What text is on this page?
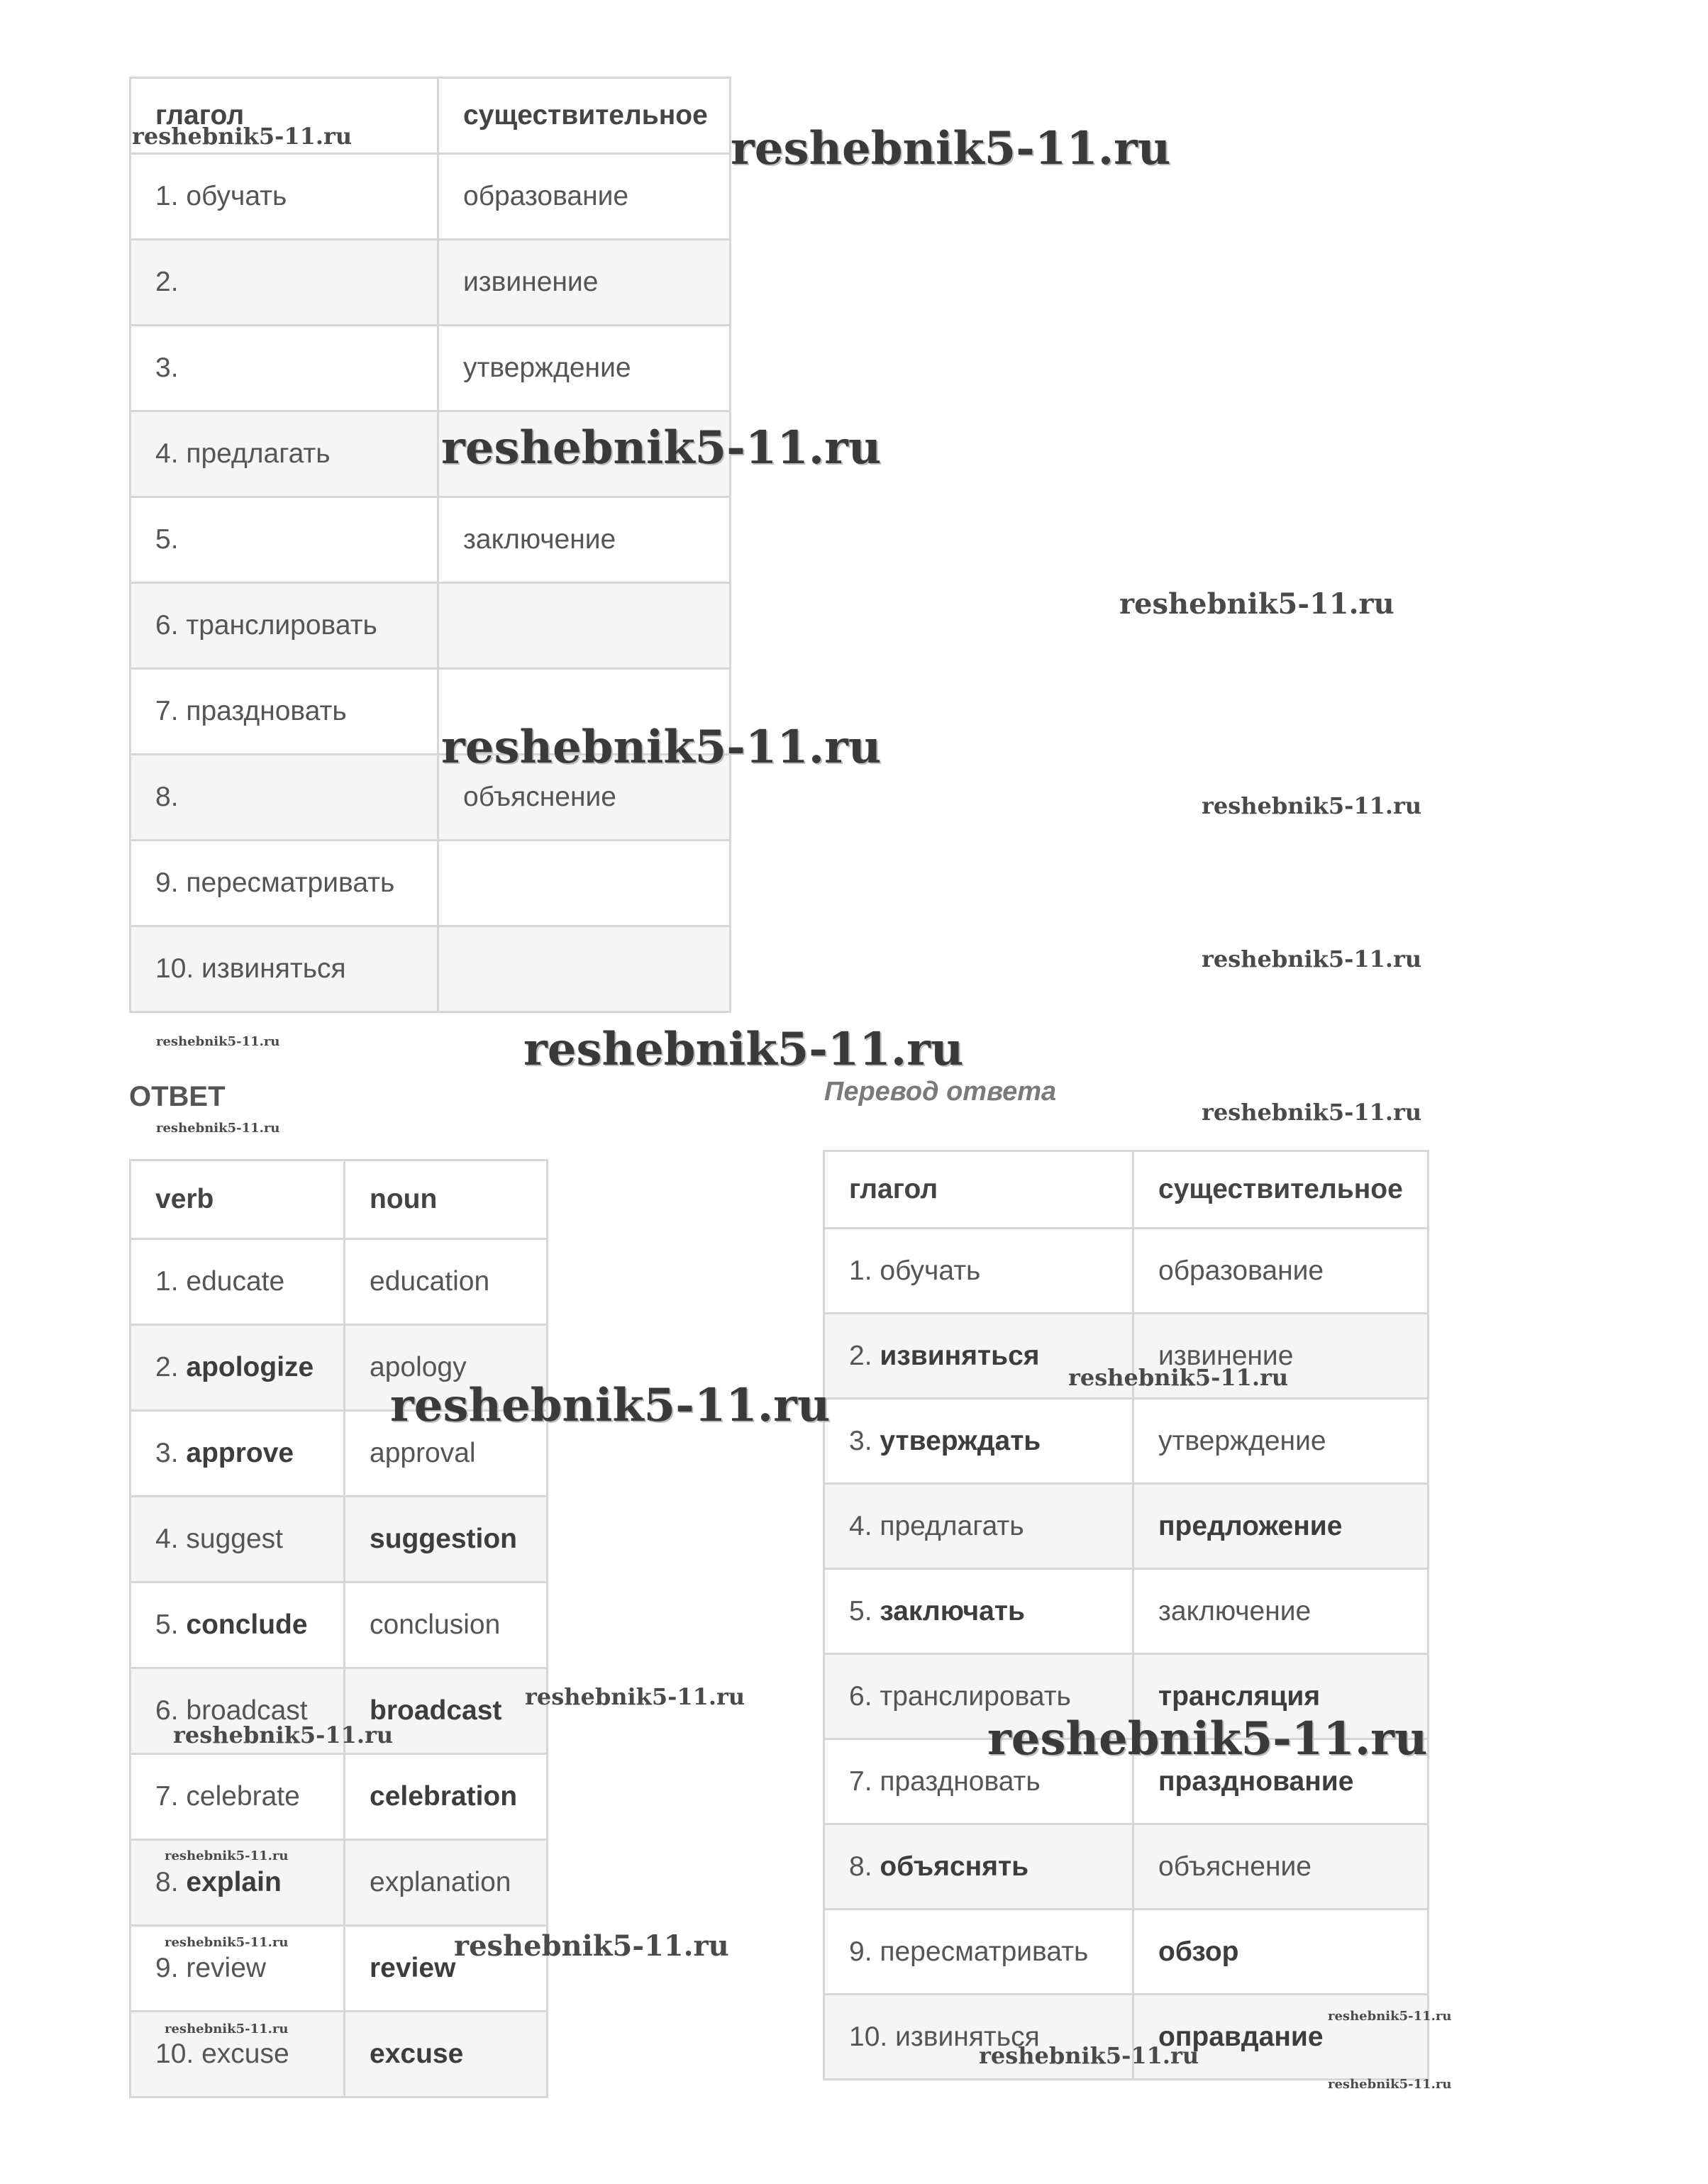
глагол	существительное
1. обучать	образование
2.	извинение
3.	утверждение
4. предлагать	
5.	заключение
6. транслировать	
7. праздновать	
8.	объяснение
9. пересматривать	
10. извиняться	
ОТВЕТ	Перевод ответа
verb	noun
1. educate	education
2. apologize	apology
3. approve	approval
4. suggest	suggestion
5. conclude	conclusion
6. broadcast	broadcast
7. celebrate	celebration
8. explain	explanation
9. review	review
10. excuse	excuse
глагол	существительное
1. обучать	образование
2. извиняться	извинение
3. утверждать	утверждение
4. предлагать	предложение
5. заключать	заключение
6. транслировать	трансляция
7. праздновать	празднование
8. объяснять	объяснение
9. пересматривать	обзор
10. извиняться	оправдание
reshebnik5-11.ru	reshebnik5-11.ru
reshebnik5-11.ru
reshebnik5-11.ru
reshebnik5-11.ru
reshebnik5-11.ru
reshebnik5-11.ru
reshebnik5-11.ru	reshebnik5-11.ru
reshebnik5-11.ru
reshebnik5-11.ru
reshebnik5-11.ru
reshebnik5-11.ru
reshebnik5-11.ru
reshebnik5-11.ru	reshebnik5-11.ru
reshebnik5-11.ru
reshebnik5-11.ru	reshebnik5-11.ru
reshebnik5-11.ru
reshebnik5-11.ru
reshebnik5-11.ru
reshebnik5-11.ru
